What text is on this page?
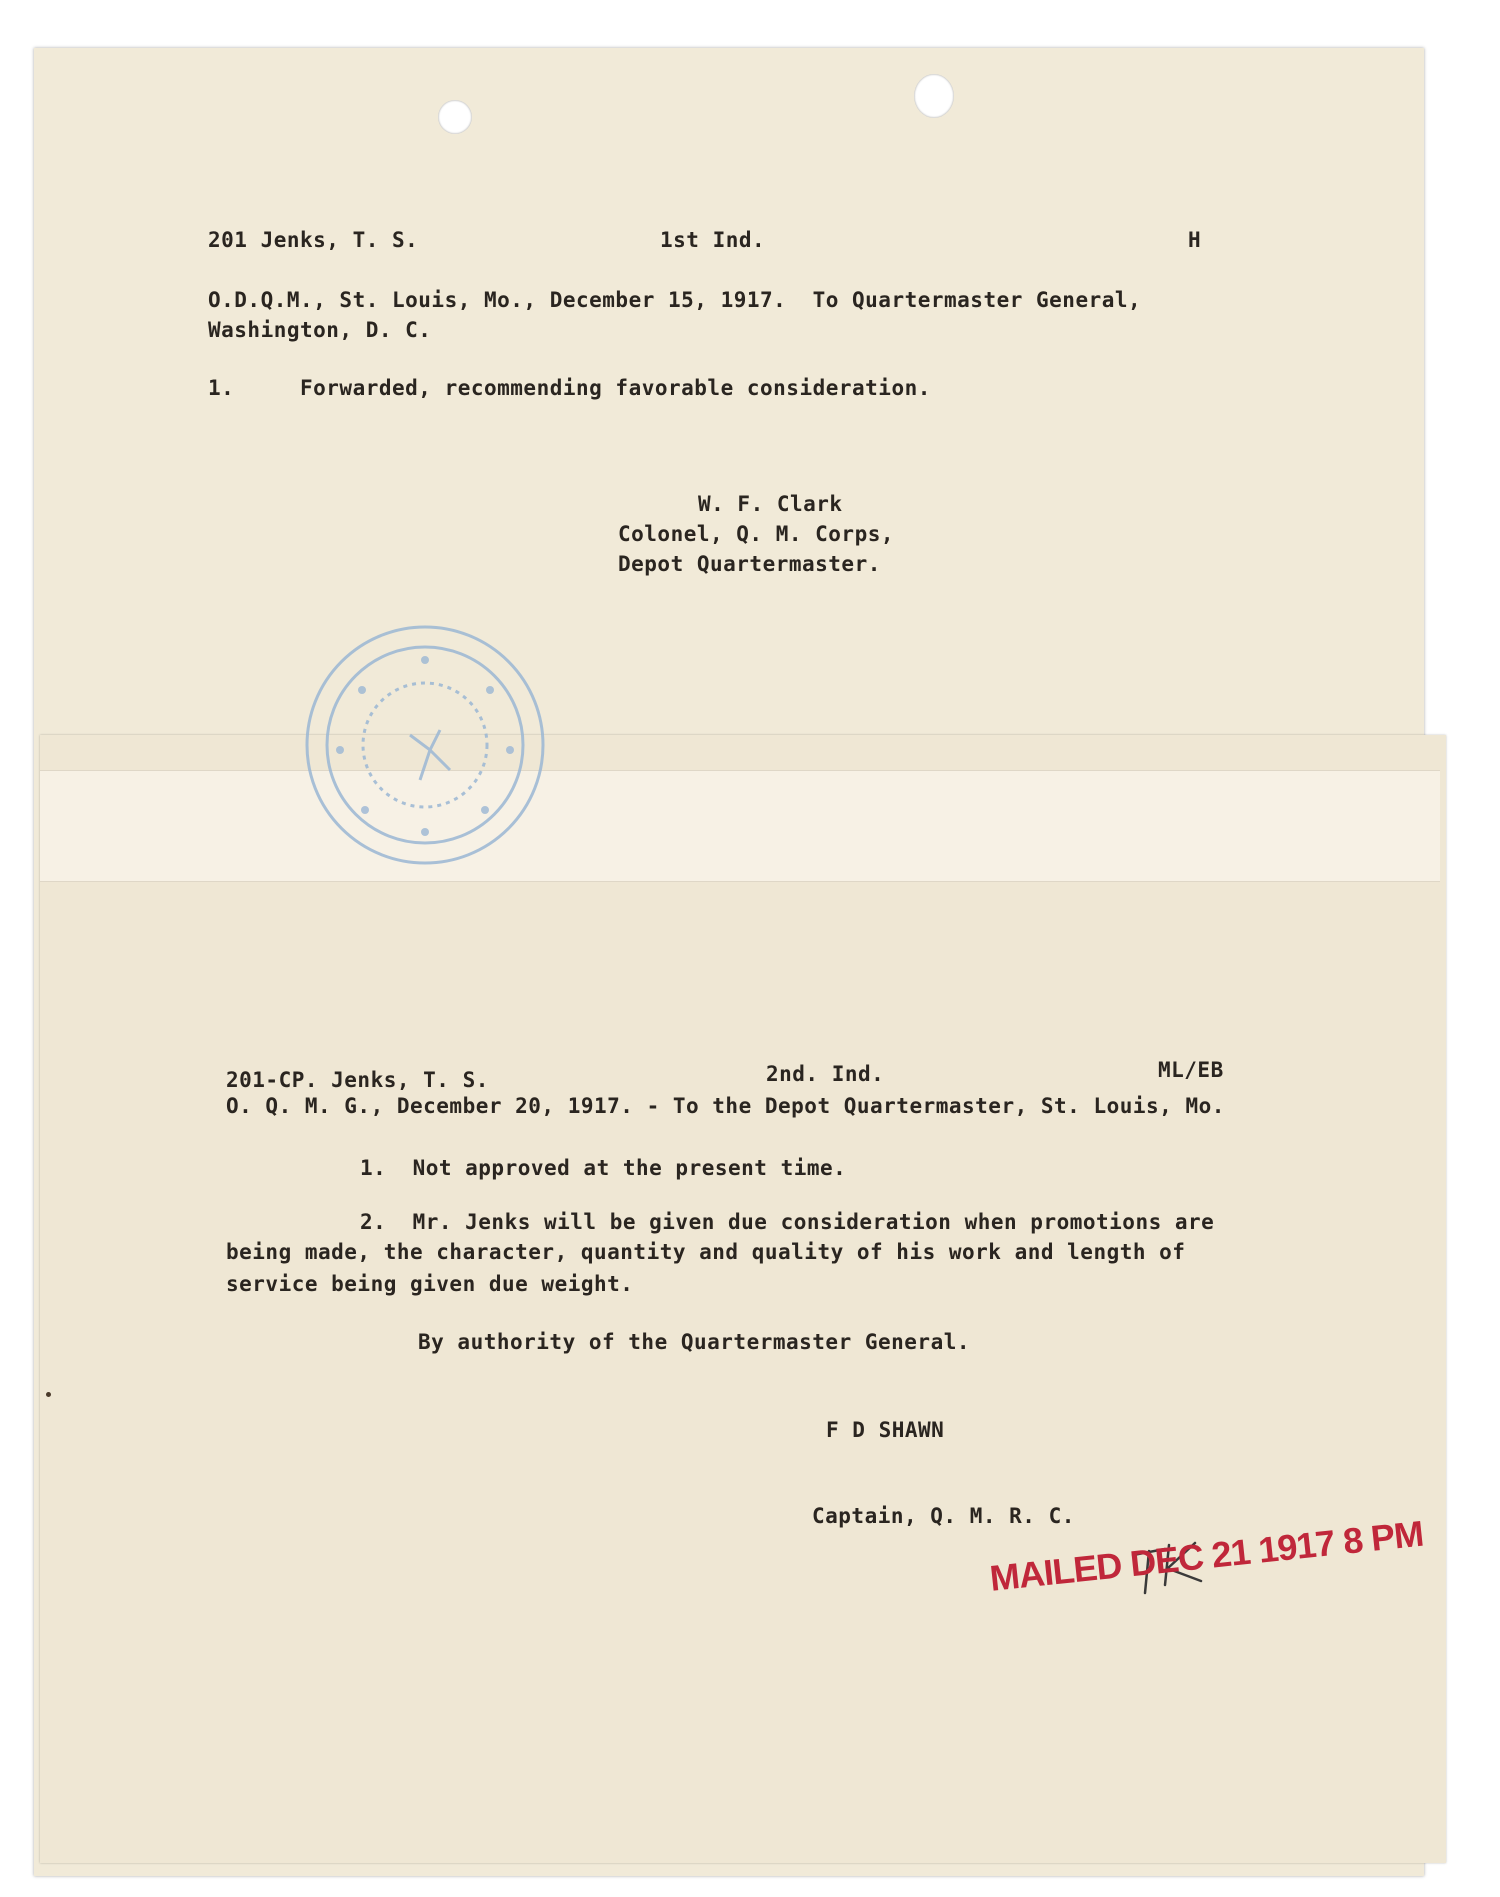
201 Jenks, T. S.	1st Ind.	H
O.D.Q.M., St. Louis, Mo., December 15, 1917.  To Quartermaster General,
Washington, D. C.
1.     Forwarded, recommending favorable consideration.
W. F. Clark
Colonel, Q. M. Corps,
Depot Quartermaster.
201-CP. Jenks, T. S.	2nd. Ind.	ML/EB
O. Q. M. G., December 20, 1917. - To the Depot Quartermaster, St. Louis, Mo.
1.  Not approved at the present time.
2.  Mr. Jenks will be given due consideration when promotions are
being made, the character, quantity and quality of his work and length of
service being given due weight.
By authority of the Quartermaster General.
F D SHAWN
Captain, Q. M. R. C.
MAILED DEC 21 1917 8 PM
